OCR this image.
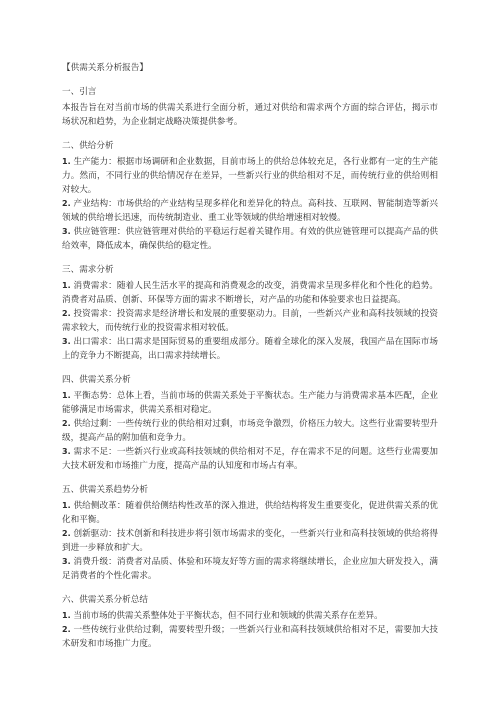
【供需关系分析报告】
一、引言

本报告旨在对当前市场的供需关系进行全面分析，通过对供给和需求两个方面的综合评估，揭示市场状况和趋势，为企业制定战略决策提供参考。

二、供给分析

1. 生产能力：根据市场调研和企业数据，目前市场上的供给总体较充足，各行业都有一定的生产能力。然而，不同行业的供给情况存在差异，一些新兴行业的供给相对不足，而传统行业的供给则相对较大。

2. 产业结构：市场供给的产业结构呈现多样化和差异化的特点。高科技、互联网、智能制造等新兴领域的供给增长迅速，而传统制造业、重工业等领域的供给增速相对较慢。

3. 供应链管理：供应链管理对供给的平稳运行起着关键作用。有效的供应链管理可以提高产品的供给效率，降低成本，确保供给的稳定性。

三、需求分析

1. 消费需求：随着人民生活水平的提高和消费观念的改变，消费需求呈现多样化和个性化的趋势。消费者对品质、创新、环保等方面的需求不断增长，对产品的功能和体验要求也日益提高。

2. 投资需求：投资需求是经济增长和发展的重要驱动力。目前，一些新兴产业和高科技领域的投资需求较大，而传统行业的投资需求相对较低。

3. 出口需求：出口需求是国际贸易的重要组成部分。随着全球化的深入发展，我国产品在国际市场上的竞争力不断提高，出口需求持续增长。

四、供需关系分析

1. 平衡态势：总体上看，当前市场的供需关系处于平衡状态。生产能力与消费需求基本匹配，企业能够满足市场需求，供需关系相对稳定。

2. 供给过剩：一些传统行业的供给相对过剩，市场竞争激烈，价格压力较大。这些行业需要转型升级，提高产品的附加值和竞争力。

3. 需求不足：一些新兴行业或高科技领域的供给相对不足，存在需求不足的问题。这些行业需要加大技术研发和市场推广力度，提高产品的认知度和市场占有率。

五、供需关系趋势分析

1. 供给侧改革：随着供给侧结构性改革的深入推进，供给结构将发生重要变化，促进供需关系的优化和平衡。

2. 创新驱动：技术创新和科技进步将引领市场需求的变化，一些新兴行业和高科技领域的供给将得到进一步释放和扩大。

3. 消费升级：消费者对品质、体验和环境友好等方面的需求将继续增长，企业应加大研发投入，满足消费者的个性化需求。

六、供需关系分析总结

1. 当前市场的供需关系整体处于平衡状态，但不同行业和领域的供需关系存在差异。

2. 一些传统行业供给过剩，需要转型升级；一些新兴行业和高科技领域供给相对不足，需要加大技术研发和市场推广力度。
